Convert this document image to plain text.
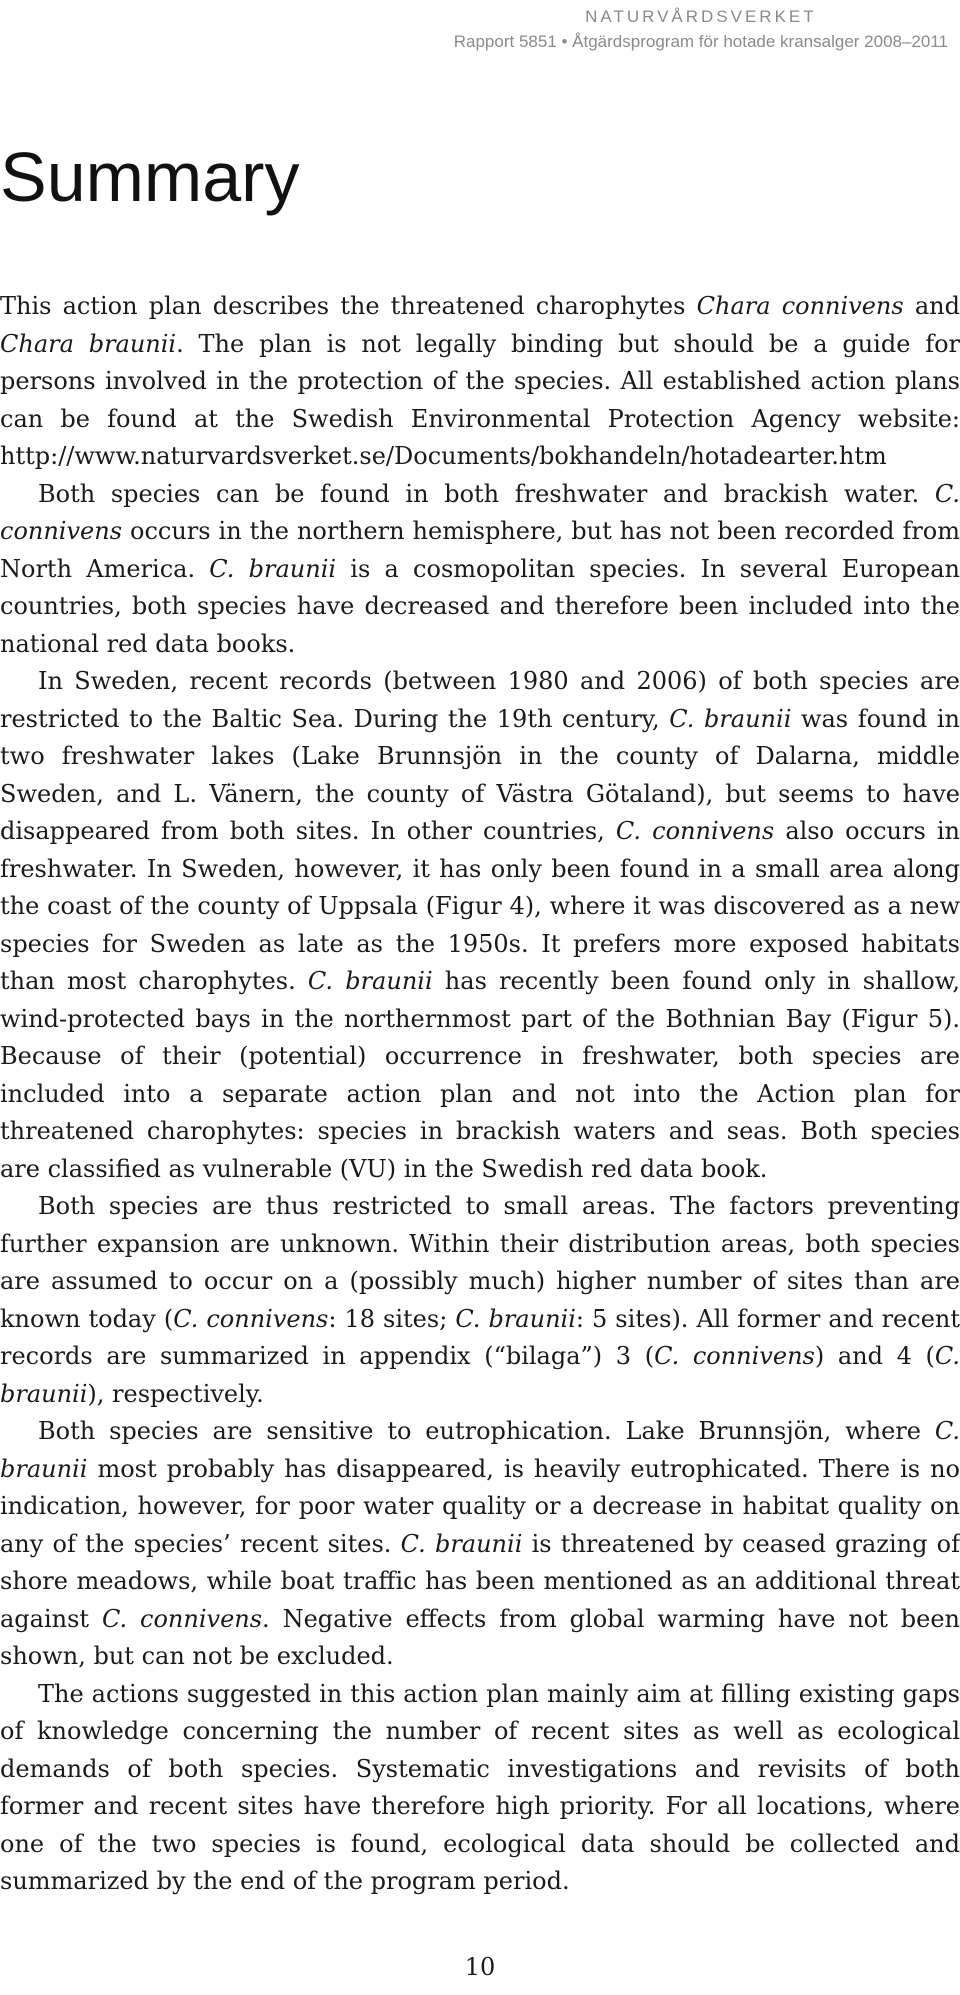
NATURVÅRDSVERKET
Rapport 5851 • Åtgärdsprogram för hotade kransalger 2008–2011
Summary

This action plan describes the threatened charophytes Chara connivens and Chara braunii. The plan is not legally binding but should be a guide for persons involved in the protection of the species. All established action plans can be found at the Swedish Environmental Protection Agency website: http://www.naturvardsverket.se/Documents/bokhandeln/hotadearter.htm

Both species can be found in both freshwater and brackish water. C. connivens occurs in the northern hemisphere, but has not been recorded from North America. C. braunii is a cosmopolitan species. In several European countries, both species have decreased and therefore been included into the national red data books.

In Sweden, recent records (between 1980 and 2006) of both species are restricted to the Baltic Sea. During the 19th century, C. braunii was found in two freshwater lakes (Lake Brunnsjön in the county of Dalarna, middle Sweden, and L. Vänern, the county of Västra Götaland), but seems to have disappeared from both sites. In other countries, C. connivens also occurs in freshwater. In Sweden, however, it has only been found in a small area along the coast of the county of Uppsala (Figur 4), where it was discovered as a new species for Sweden as late as the 1950s. It prefers more exposed habitats than most charophytes. C. braunii has recently been found only in shallow, wind-protected bays in the northernmost part of the Bothnian Bay (Figur 5). Because of their (potential) occurrence in freshwater, both species are included into a separate action plan and not into the Action plan for threatened charophytes: species in brackish waters and seas. Both species are classified as vulnerable (VU) in the Swedish red data book.

Both species are thus restricted to small areas. The factors preventing further expansion are unknown. Within their distribution areas, both species are assumed to occur on a (possibly much) higher number of sites than are known today (C. connivens: 18 sites; C. braunii: 5 sites). All former and recent records are summarized in appendix (“bilaga”) 3 (C. connivens) and 4 (C. braunii), respectively.

Both species are sensitive to eutrophication. Lake Brunnsjön, where C. braunii most probably has disappeared, is heavily eutrophicated. There is no indication, however, for poor water quality or a decrease in habitat quality on any of the species’ recent sites. C. braunii is threatened by ceased grazing of shore meadows, while boat traffic has been mentioned as an additional threat against C. connivens. Negative effects from global warming have not been shown, but can not be excluded.

The actions suggested in this action plan mainly aim at filling existing gaps of knowledge concerning the number of recent sites as well as ecological demands of both species. Systematic investigations and revisits of both former and recent sites have therefore high priority. For all locations, where one of the two species is found, ecological data should be collected and summarized by the end of the program period.

10
